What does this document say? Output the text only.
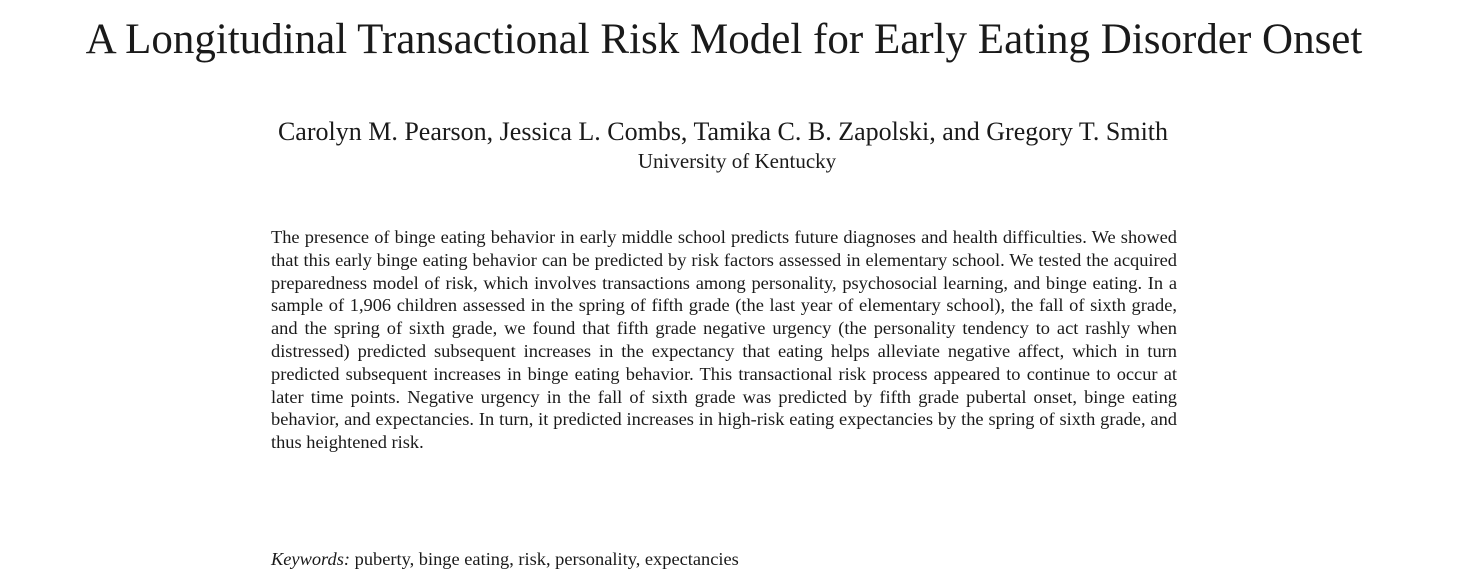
A Longitudinal Transactional Risk Model for Early Eating Disorder Onset
Carolyn M. Pearson, Jessica L. Combs, Tamika C. B. Zapolski, and Gregory T. Smith
University of Kentucky

The presence of binge eating behavior in early middle school predicts future diagnoses and health difficulties. We showed that this early binge eating behavior can be predicted by risk factors assessed in elementary school. We tested the acquired preparedness model of risk, which involves transactions among personality, psychosocial learning, and binge eating. In a sample of 1,906 children assessed in the spring of fifth grade (the last year of elementary school), the fall of sixth grade, and the spring of sixth grade, we found that fifth grade negative urgency (the personality tendency to act rashly when distressed) predicted subsequent increases in the expectancy that eating helps alleviate negative affect, which in turn predicted subsequent increases in binge eating behavior. This transactional risk process appeared to continue to occur at later time points. Negative urgency in the fall of sixth grade was predicted by fifth grade pubertal onset, binge eating behavior, and expectancies. In turn, it predicted increases in high-risk eating expectancies by the spring of sixth grade, and thus heightened risk.

Keywords: puberty, binge eating, risk, personality, expectancies
